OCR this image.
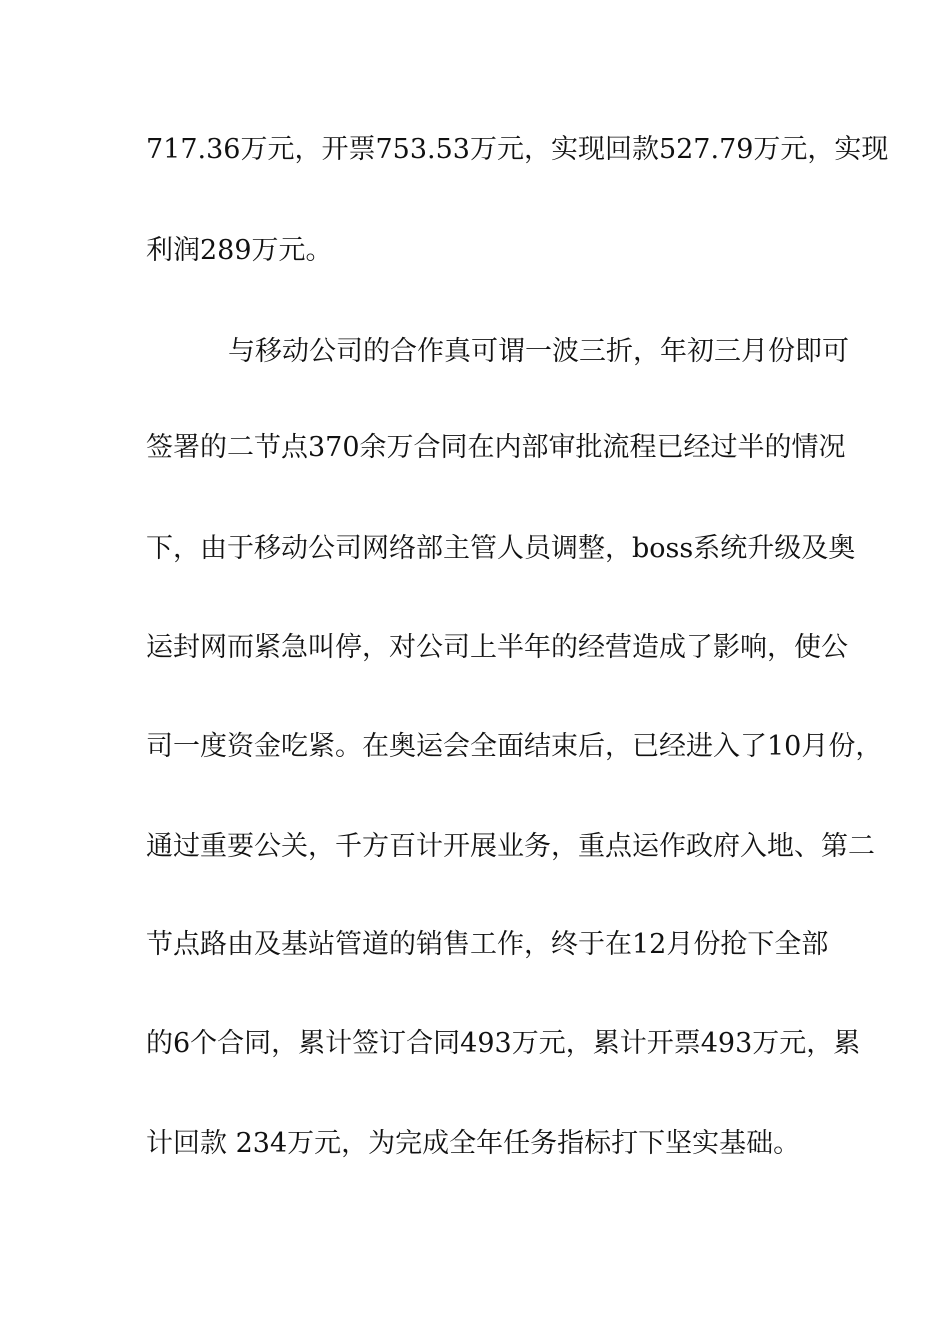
717.36万元，开票753.53万元，实现回款527.79万元，实现
利润289万元。
与移动公司的合作真可谓一波三折，年初三月份即可
签署的二节点370余万合同在内部审批流程已经过半的情况
下，由于移动公司网络部主管人员调整，boss系统升级及奥
运封网而紧急叫停，对公司上半年的经营造成了影响，使公
司一度资金吃紧。在奥运会全面结束后，已经进入了10月份，
通过重要公关，千方百计开展业务，重点运作政府入地、第二
节点路由及基站管道的销售工作，终于在12月份抢下全部
的6个合同，累计签订合同493万元，累计开票493万元，累
计回款 234万元，为完成全年任务指标打下坚实基础。
